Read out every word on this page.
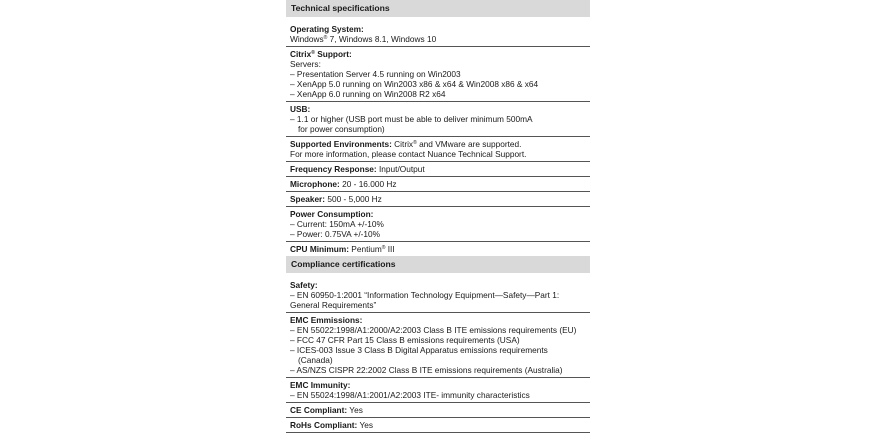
Technical specifications
Operating System:
Windows® 7, Windows 8.1, Windows 10
Citrix® Support:
Servers:
– Presentation Server 4.5 running on Win2003
– XenApp 5.0 running on Win2003 x86 & x64 & Win2008 x86 & x64
– XenApp 6.0 running on Win2008 R2 x64
USB:
– 1.1 or higher (USB port must be able to deliver minimum 500mA
for power consumption)
Supported Environments: Citrix® and VMware are supported.
For more information, please contact Nuance Technical Support.
Frequency Response: Input/Output
Microphone: 20 - 16.000 Hz
Speaker: 500 - 5,000 Hz
Power Consumption:
– Current: 150mA +/-10%
– Power: 0.75VA +/-10%
CPU Minimum: Pentium® III
Compliance certifications
Safety:
– EN 60950-1:2001 “Information Technology Equipment—Safety—Part 1:
General Requirements”
EMC Emmissions:
– EN 55022:1998/A1:2000/A2:2003 Class B ITE emissions requirements (EU)
– FCC 47 CFR Part 15 Class B emissions requirements (USA)
– ICES-003 Issue 3 Class B Digital Apparatus emissions requirements
(Canada)
– AS/NZS CISPR 22:2002 Class B ITE emissions requirements (Australia)
EMC Immunity:
– EN 55024:1998/A1:2001/A2:2003 ITE- immunity characteristics
CE Compliant: Yes
RoHs Compliant: Yes
